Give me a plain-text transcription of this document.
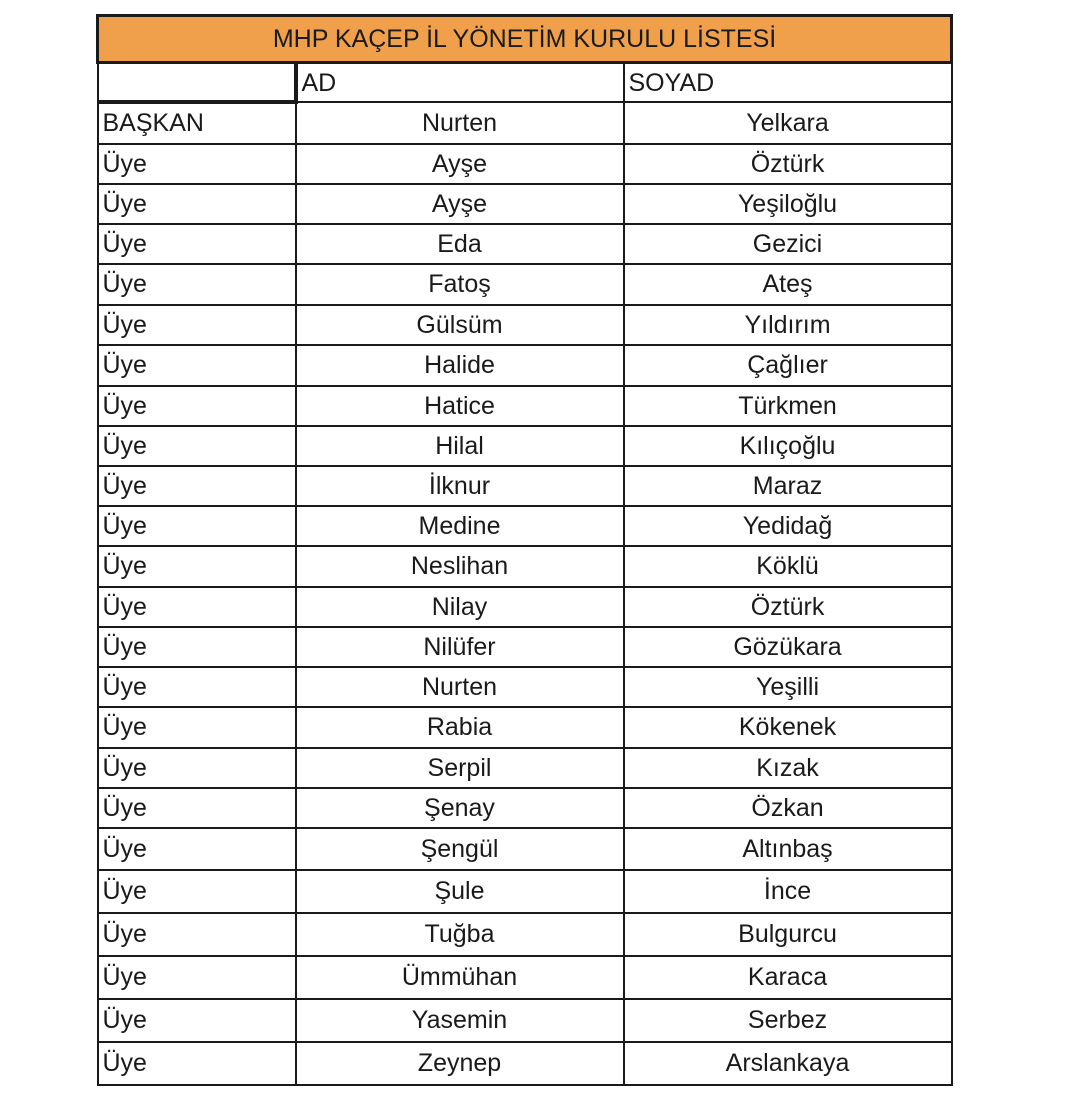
MHP KAÇEP İL YÖNETİM KURULU LİSTESİ		
	AD	SOYAD
BAŞKAN	Nurten	Yelkara
Üye	Ayşe	Öztürk
Üye	Ayşe	Yeşiloğlu
Üye	Eda	Gezici
Üye	Fatoş	Ateş
Üye	Gülsüm	Yıldırım
Üye	Halide	Çağlıer
Üye	Hatice	Türkmen
Üye	Hilal	Kılıçoğlu
Üye	İlknur	Maraz
Üye	Medine	Yedidağ
Üye	Neslihan	Köklü
Üye	Nilay	Öztürk
Üye	Nilüfer	Gözükara
Üye	Nurten	Yeşilli
Üye	Rabia	Kökenek
Üye	Serpil	Kızak
Üye	Şenay	Özkan
Üye	Şengül	Altınbaş
Üye	Şule	İnce
Üye	Tuğba	Bulgurcu
Üye	Ümmühan	Karaca
Üye	Yasemin	Serbez
Üye	Zeynep	Arslankaya
